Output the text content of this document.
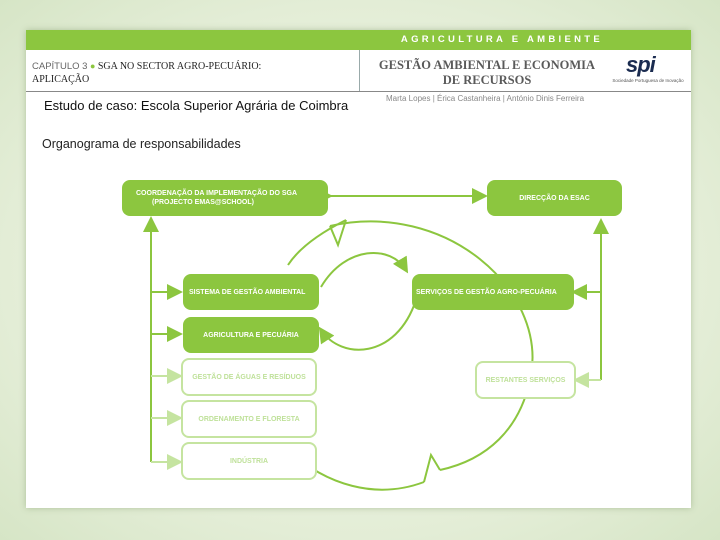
AGRICULTURA E AMBIENTE
CAPÍTULO 3 ● SGA NO SECTOR AGRO-PECUÁRIO:
APLICAÇÃO
GESTÃO AMBIENTAL E ECONOMIA
DE RECURSOS
spi
Sociedade Portuguesa de Inovação
Marta Lopes | Érica Castanheira | António Dinis Ferreira
Estudo de caso: Escola Superior Agrária de Coimbra
Organograma de responsabilidades
COORDENAÇÃO DA IMPLEMENTAÇÃO DO SGA
(PROJECTO EMAS@SCHOOL)
DIRECÇÃO DA ESAC
SISTEMA DE GESTÃO AMBIENTAL	SERVIÇOS DE GESTÃO AGRO-PECUÁRIA
AGRICULTURA E PECUÁRIA
GESTÃO DE ÁGUAS E RESÍDUOS
ORDENAMENTO E FLORESTA
INDÚSTRIA
RESTANTES SERVIÇOS
